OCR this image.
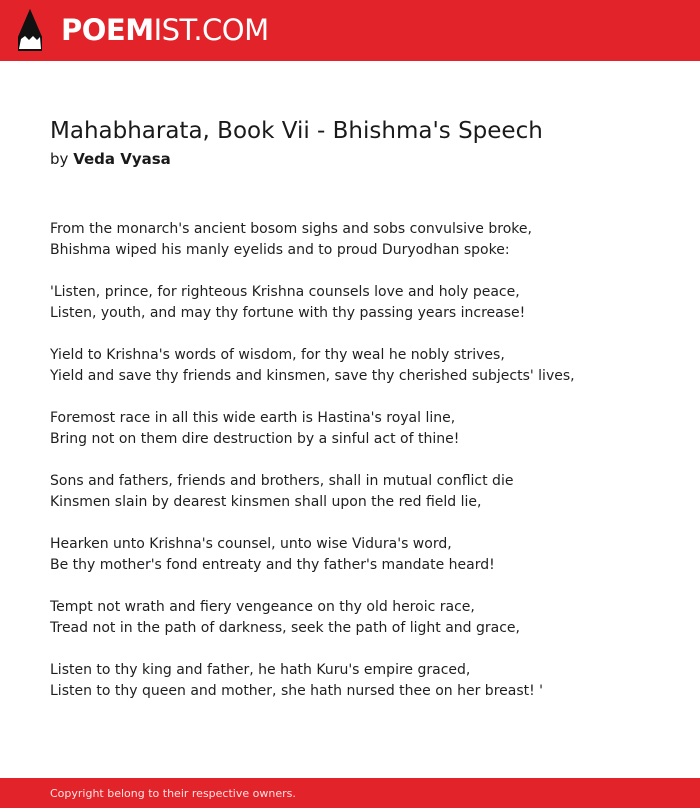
POEMIST.COM
Mahabharata, Book Vii - Bhishma's Speech
by Veda Vyasa
From the monarch's ancient bosom sighs and sobs convulsive broke,
Bhishma wiped his manly eyelids and to proud Duryodhan spoke:
'Listen, prince, for righteous Krishna counsels love and holy peace,
Listen, youth, and may thy fortune with thy passing years increase!
Yield to Krishna's words of wisdom, for thy weal he nobly strives,
Yield and save thy friends and kinsmen, save thy cherished subjects' lives,
Foremost race in all this wide earth is Hastina's royal line,
Bring not on them dire destruction by a sinful act of thine!
Sons and fathers, friends and brothers, shall in mutual conflict die
Kinsmen slain by dearest kinsmen shall upon the red field lie,
Hearken unto Krishna's counsel, unto wise Vidura's word,
Be thy mother's fond entreaty and thy father's mandate heard!
Tempt not wrath and fiery vengeance on thy old heroic race,
Tread not in the path of darkness, seek the path of light and grace,
Listen to thy king and father, he hath Kuru's empire graced,
Listen to thy queen and mother, she hath nursed thee on her breast! '
Copyright belong to their respective owners.
